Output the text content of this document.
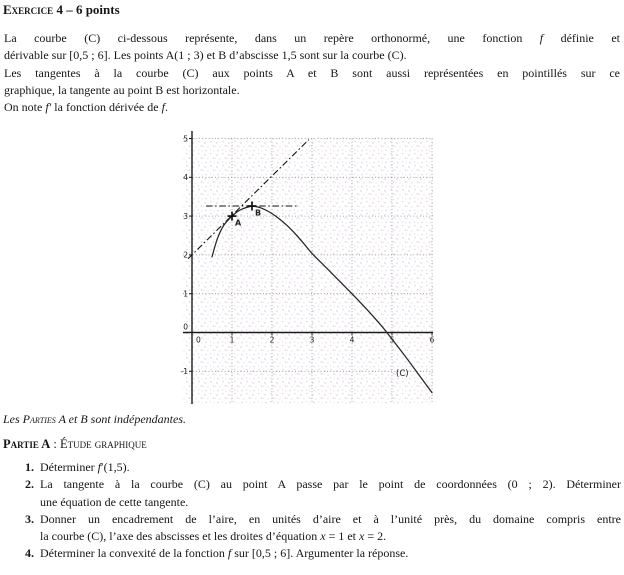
Exercice 4 – 6 points
La courbe (C) ci-dessous représente, dans un repère orthonormé, une fonction f définie et
dérivable sur [0,5 ; 6]. Les points A(1 ; 3) et B d’abscisse 1,5 sont sur la courbe (C).
Les tangentes à la courbe (C) aux points A et B sont aussi représentées en pointillés sur ce
graphique, la tangente au point B est horizontale.
On note f′ la fonction dérivée de f.
0	1	2	3	4	5	6
-1
0
1
2
3
4
5
A
B
(C)
Les Parties A et B sont indépendantes.
Partie A : Étude graphique
1. Déterminer f′(1,5).
2. La tangente à la courbe (C) au point A passe par le point de coordonnées (0 ; 2). Déterminer
une équation de cette tangente.
3. Donner un encadrement de l’aire, en unités d’aire et à l’unité près, du domaine compris entre
la courbe (C), l’axe des abscisses et les droites d’équation x = 1 et x = 2.
4. Déterminer la convexité de la fonction f sur [0,5 ; 6]. Argumenter la réponse.
